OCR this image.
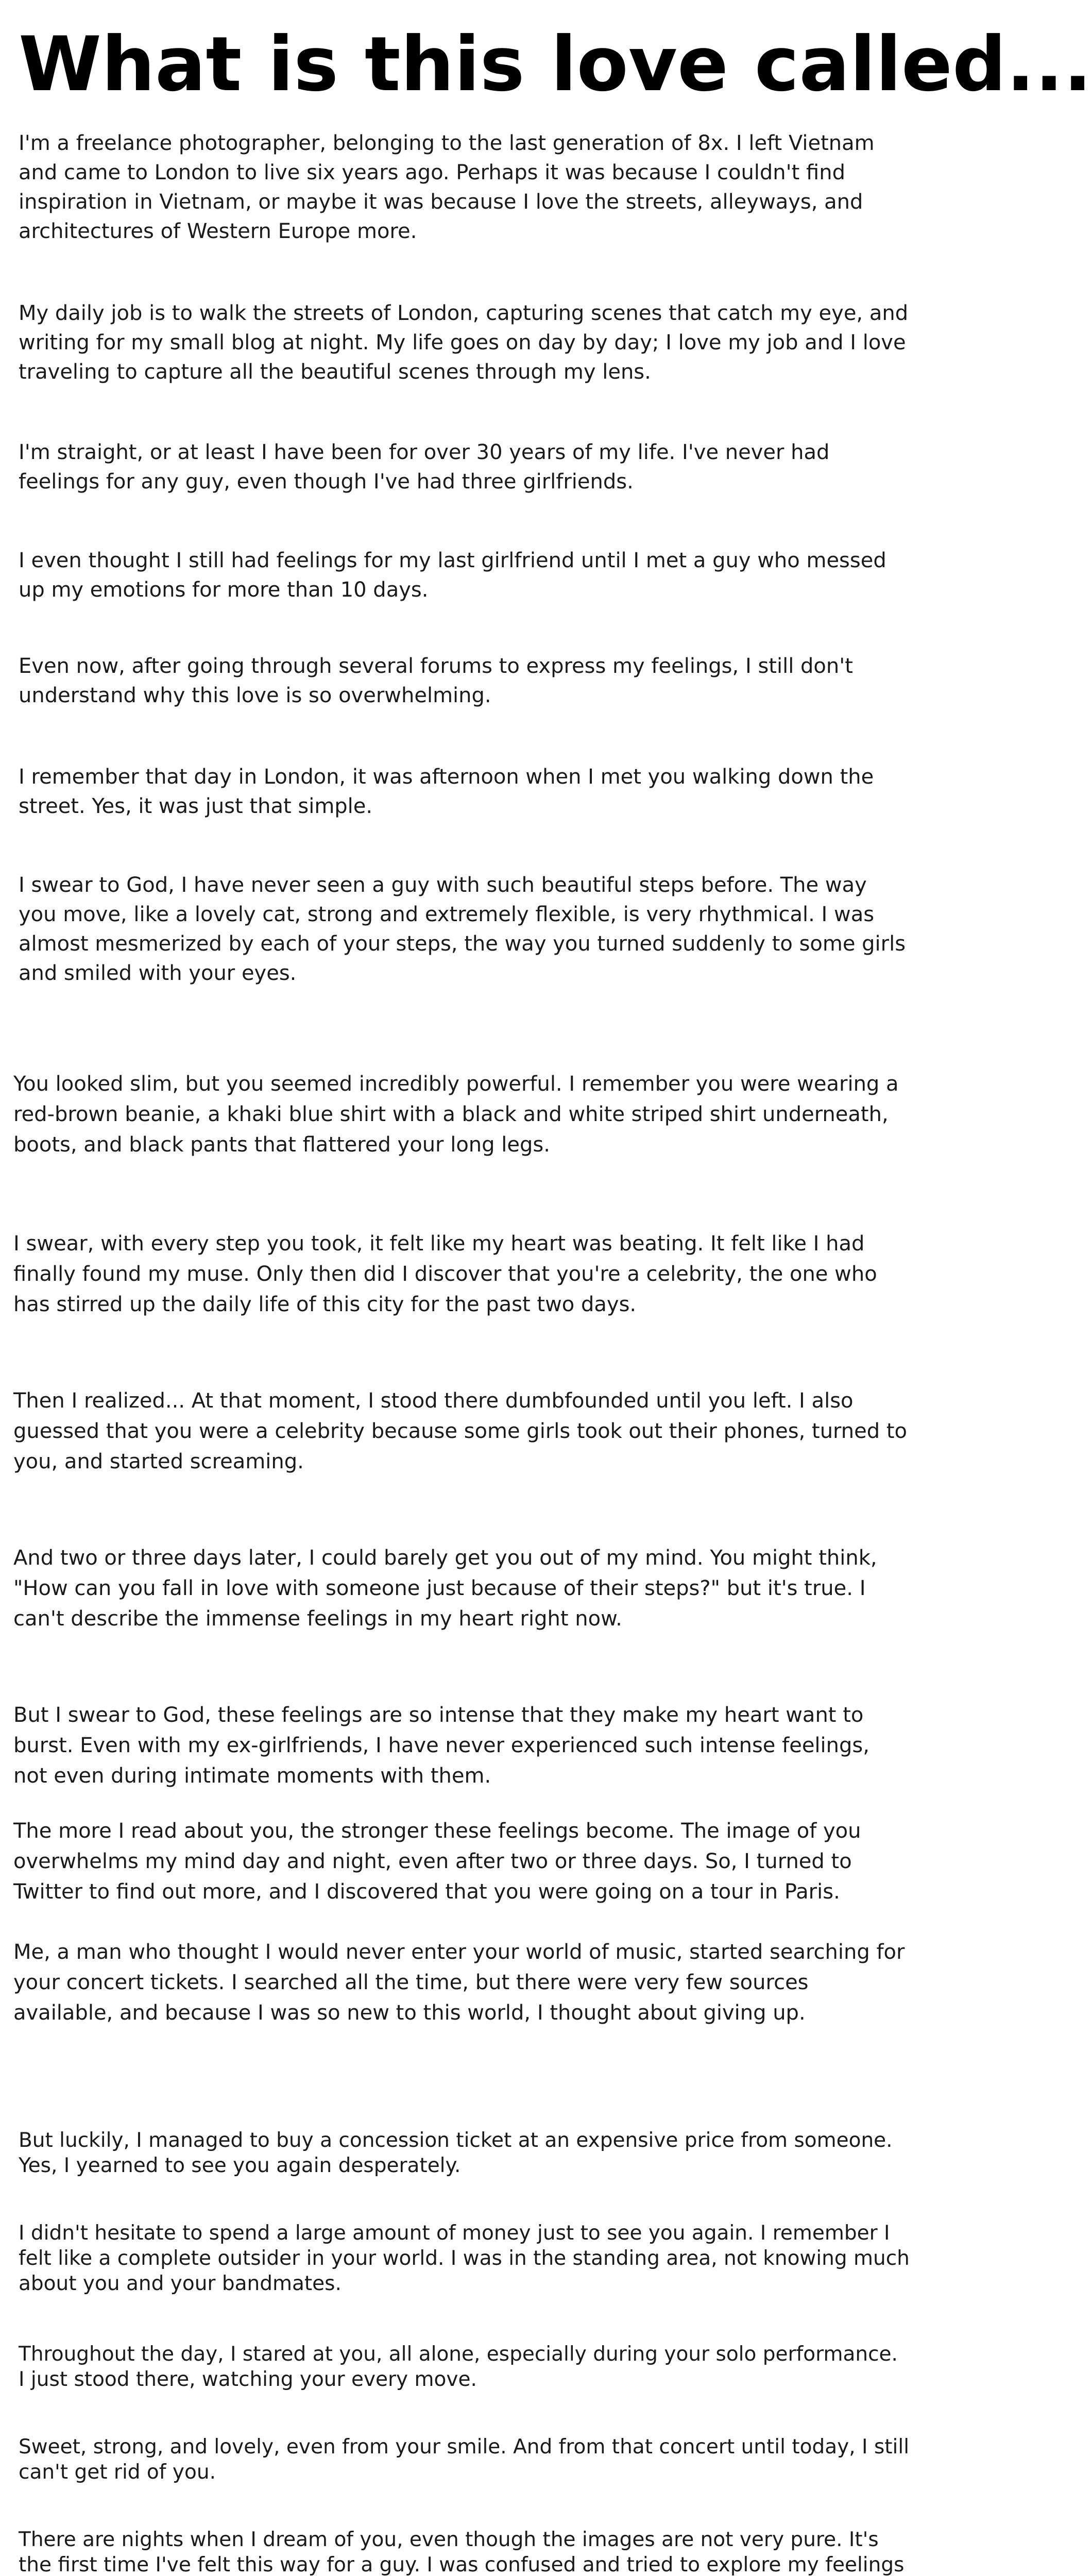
What is this love called...

I'm a freelance photographer, belonging to the last generation of 8x. I left Vietnam and came to London to live six years ago. Perhaps it was because I couldn't find inspiration in Vietnam, or maybe it was because I love the streets, alleyways, and architectures of Western Europe more.

My daily job is to walk the streets of London, capturing scenes that catch my eye, and writing for my small blog at night. My life goes on day by day; I love my job and I love traveling to capture all the beautiful scenes through my lens.

I'm straight, or at least I have been for over 30 years of my life. I've never had feelings for any guy, even though I've had three girlfriends.

I even thought I still had feelings for my last girlfriend until I met a guy who messed up my emotions for more than 10 days.

Even now, after going through several forums to express my feelings, I still don't understand why this love is so overwhelming.

I remember that day in London, it was afternoon when I met you walking down the street. Yes, it was just that simple.

I swear to God, I have never seen a guy with such beautiful steps before. The way you move, like a lovely cat, strong and extremely flexible, is very rhythmical. I was almost mesmerized by each of your steps, the way you turned suddenly to some girls and smiled with your eyes.

You looked slim, but you seemed incredibly powerful. I remember you were wearing a red-brown beanie, a khaki blue shirt with a black and white striped shirt underneath, boots, and black pants that flattered your long legs.

I swear, with every step you took, it felt like my heart was beating. It felt like I had finally found my muse. Only then did I discover that you're a celebrity, the one who has stirred up the daily life of this city for the past two days.

Then I realized... At that moment, I stood there dumbfounded until you left. I also guessed that you were a celebrity because some girls took out their phones, turned to you, and started screaming.

And two or three days later, I could barely get you out of my mind. You might think, "How can you fall in love with someone just because of their steps?" but it's true. I can't describe the immense feelings in my heart right now.

But I swear to God, these feelings are so intense that they make my heart want to burst. Even with my ex-girlfriends, I have never experienced such intense feelings, not even during intimate moments with them.

The more I read about you, the stronger these feelings become. The image of you overwhelms my mind day and night, even after two or three days. So, I turned to Twitter to find out more, and I discovered that you were going on a tour in Paris.

Me, a man who thought I would never enter your world of music, started searching for your concert tickets. I searched all the time, but there were very few sources available, and because I was so new to this world, I thought about giving up.

But luckily, I managed to buy a concession ticket at an expensive price from someone. Yes, I yearned to see you again desperately.

I didn't hesitate to spend a large amount of money just to see you again. I remember I felt like a complete outsider in your world. I was in the standing area, not knowing much about you and your bandmates.

Throughout the day, I stared at you, all alone, especially during your solo performance. I just stood there, watching your every move.

Sweet, strong, and lovely, even from your smile. And from that concert until today, I still can't get rid of you.

There are nights when I dream of you, even though the images are not very pure. It's the first time I've felt this way for a guy. I was confused and tried to explore my feelings
